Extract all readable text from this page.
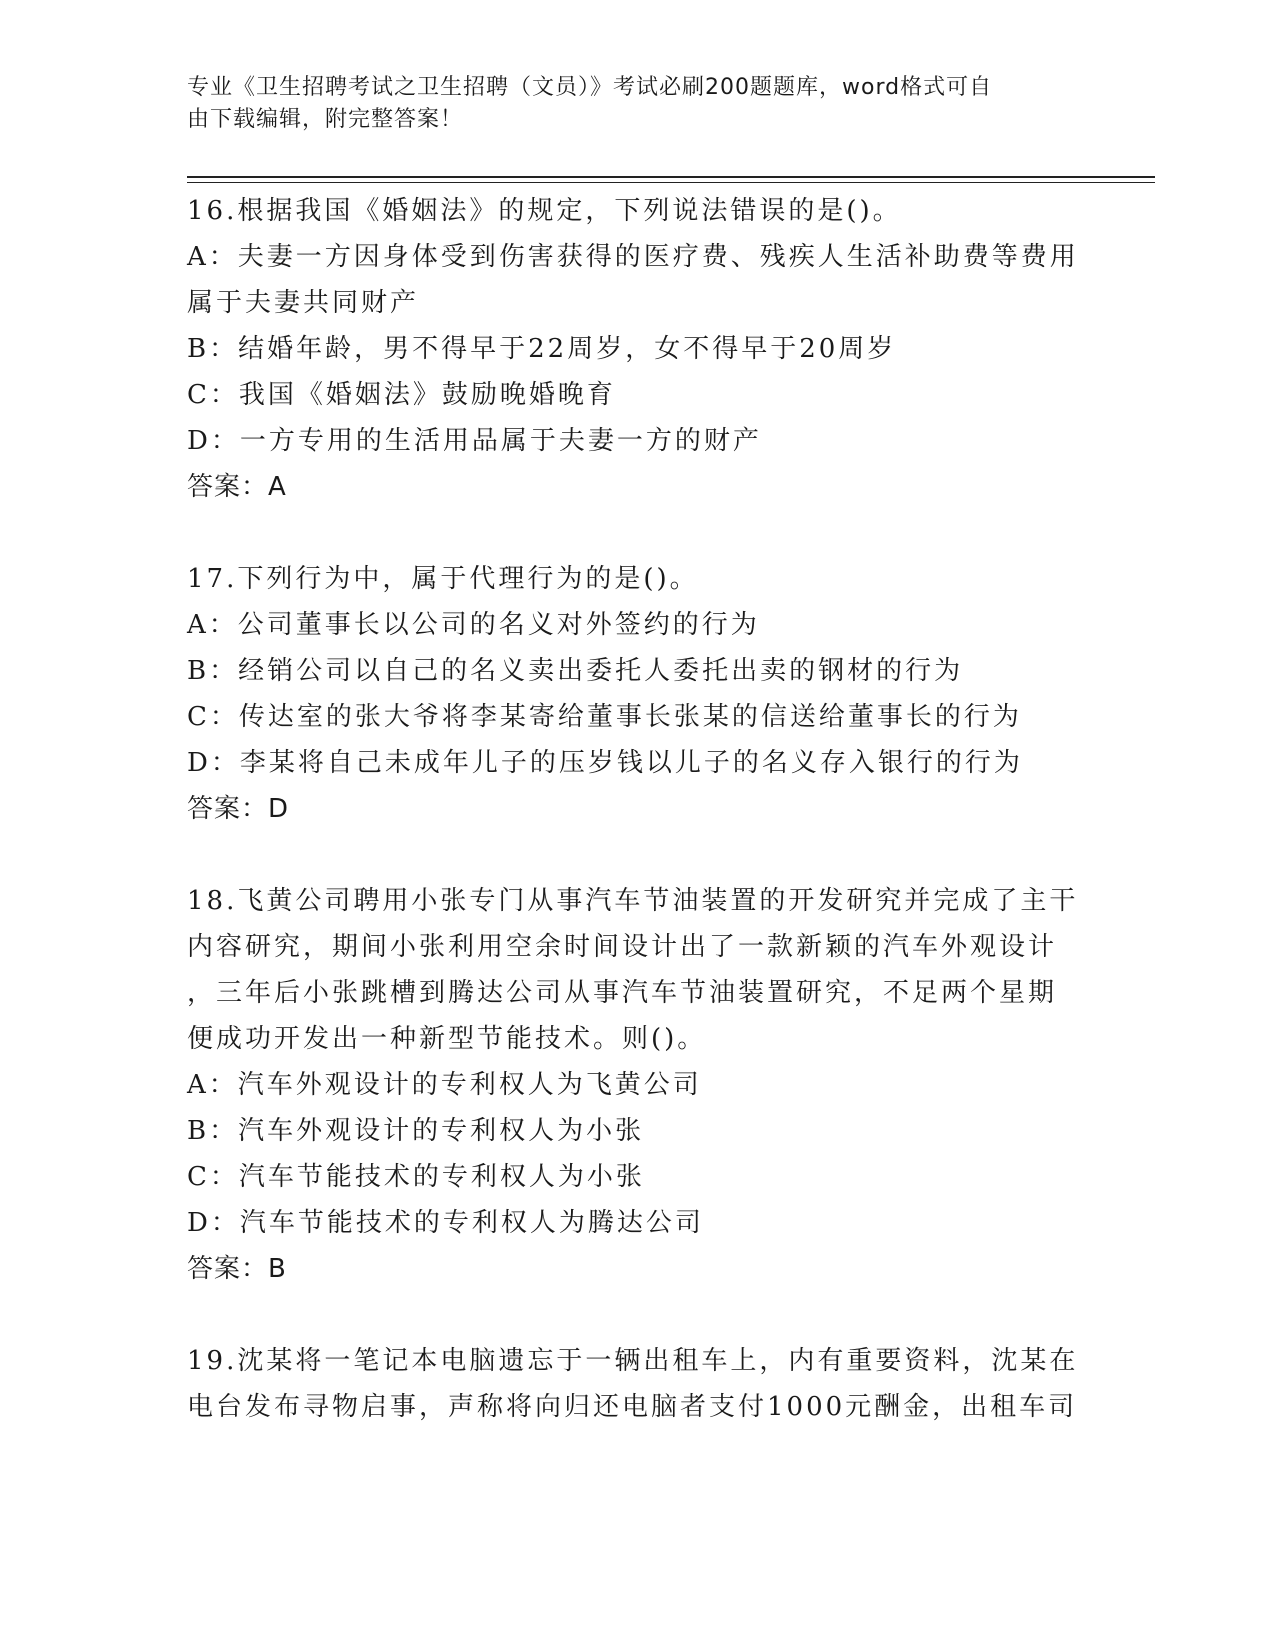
专业《卫生招聘考试之卫生招聘（文员）》考试必刷200题题库，word格式可自
由下载编辑，附完整答案！
16.根据我国《婚姻法》的规定，下列说法错误的是()。
A：夫妻一方因身体受到伤害获得的医疗费、残疾人生活补助费等费用
属于夫妻共同财产
B：结婚年龄，男不得早于22周岁，女不得早于20周岁
C：我国《婚姻法》鼓励晚婚晚育
D：一方专用的生活用品属于夫妻一方的财产
答案：A
17.下列行为中，属于代理行为的是()。
A：公司董事长以公司的名义对外签约的行为
B：经销公司以自己的名义卖出委托人委托出卖的钢材的行为
C：传达室的张大爷将李某寄给董事长张某的信送给董事长的行为
D：李某将自己未成年儿子的压岁钱以儿子的名义存入银行的行为
答案：D
18.飞黄公司聘用小张专门从事汽车节油装置的开发研究并完成了主干
内容研究，期间小张利用空余时间设计出了一款新颖的汽车外观设计
，三年后小张跳槽到腾达公司从事汽车节油装置研究，不足两个星期
便成功开发出一种新型节能技术。则()。
A：汽车外观设计的专利权人为飞黄公司
B：汽车外观设计的专利权人为小张
C：汽车节能技术的专利权人为小张
D：汽车节能技术的专利权人为腾达公司
答案：B
19.沈某将一笔记本电脑遗忘于一辆出租车上，内有重要资料，沈某在
电台发布寻物启事，声称将向归还电脑者支付1000元酬金，出租车司
